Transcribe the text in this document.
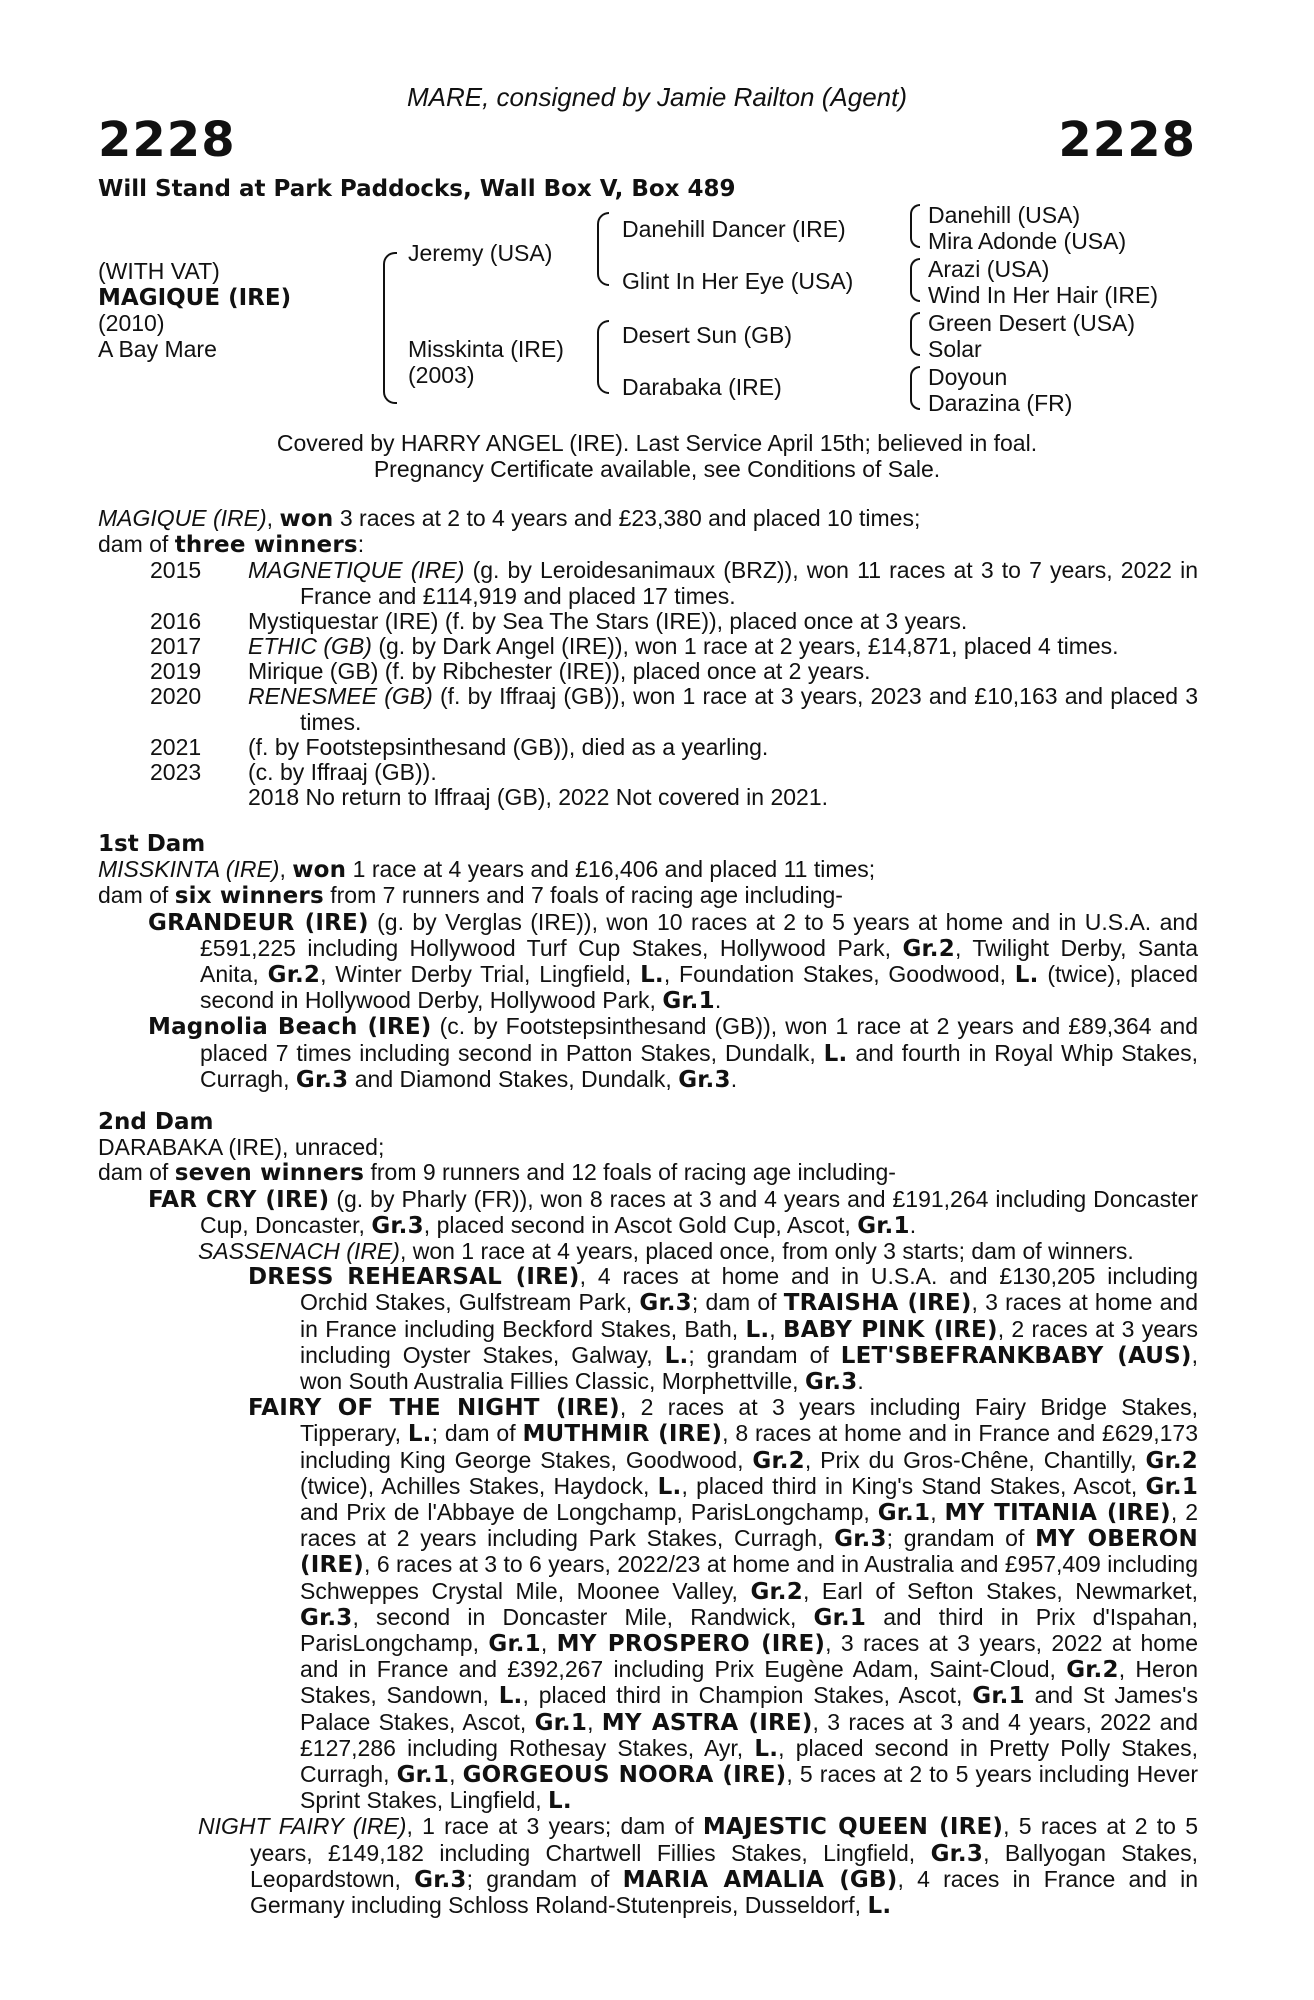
MARE, consigned by Jamie Railton (Agent)
2228	2228
Will Stand at Park Paddocks, Wall Box V, Box 489
(WITH VAT)
MAGIQUE (IRE)
(2010)
A Bay Mare
Jeremy (USA)
Misskinta (IRE)
(2003)
Danehill Dancer (IRE)
Glint In Her Eye (USA)
Desert Sun (GB)
Darabaka (IRE)
Danehill (USA)
Mira Adonde (USA)
Arazi (USA)
Wind In Her Hair (IRE)
Green Desert (USA)
Solar
Doyoun
Darazina (FR)
Covered by HARRY ANGEL (IRE). Last Service April 15th; believed in foal.
Pregnancy Certificate available, see Conditions of Sale.

MAGIQUE (IRE), won 3 races at 2 to 4 years and £23,380 and placed 10 times;

dam of three winners:

2015 MAGNETIQUE (IRE) (g. by Leroidesanimaux (BRZ)), won 11 races at 3 to 7 years, 2022 in France and £114,919 and placed 17 times.
2016 Mystiquestar (IRE) (f. by Sea The Stars (IRE)), placed once at 3 years.
2017 ETHIC (GB) (g. by Dark Angel (IRE)), won 1 race at 2 years, £14,871, placed 4 times.
2019 Mirique (GB) (f. by Ribchester (IRE)), placed once at 2 years.
2020 RENESMEE (GB) (f. by Iffraaj (GB)), won 1 race at 3 years, 2023 and £10,163 and placed 3 times.
2021 (f. by Footstepsinthesand (GB)), died as a yearling.
2023 (c. by Iffraaj (GB)).
2018 No return to Iffraaj (GB), 2022 Not covered in 2021.

1st Dam

MISSKINTA (IRE), won 1 race at 4 years and £16,406 and placed 11 times;

dam of six winners from 7 runners and 7 foals of racing age including-

GRANDEUR (IRE) (g. by Verglas (IRE)), won 10 races at 2 to 5 years at home and in U.S.A. and £591,225 including Hollywood Turf Cup Stakes, Hollywood Park, Gr.2, Twilight Derby, Santa Anita, Gr.2, Winter Derby Trial, Lingfield, L., Foundation Stakes, Goodwood, L. (twice), placed second in Hollywood Derby, Hollywood Park, Gr.1.

Magnolia Beach (IRE) (c. by Footstepsinthesand (GB)), won 1 race at 2 years and £89,364 and placed 7 times including second in Patton Stakes, Dundalk, L. and fourth in Royal Whip Stakes, Curragh, Gr.3 and Diamond Stakes, Dundalk, Gr.3.

2nd Dam

DARABAKA (IRE), unraced;

dam of seven winners from 9 runners and 12 foals of racing age including-

FAR CRY (IRE) (g. by Pharly (FR)), won 8 races at 3 and 4 years and £191,264 including Doncaster Cup, Doncaster, Gr.3, placed second in Ascot Gold Cup, Ascot, Gr.1.

SASSENACH (IRE), won 1 race at 4 years, placed once, from only 3 starts; dam of winners.

DRESS REHEARSAL (IRE), 4 races at home and in U.S.A. and £130,205 including Orchid Stakes, Gulfstream Park, Gr.3; dam of TRAISHA (IRE), 3 races at home and in France including Beckford Stakes, Bath, L., BABY PINK (IRE), 2 races at 3 years including Oyster Stakes, Galway, L.; grandam of LET'SBEFRANKBABY (AUS), won South Australia Fillies Classic, Morphettville, Gr.3.

FAIRY OF THE NIGHT (IRE), 2 races at 3 years including Fairy Bridge Stakes, Tipperary, L.; dam of MUTHMIR (IRE), 8 races at home and in France and £629,173 including King George Stakes, Goodwood, Gr.2, Prix du Gros-Chêne, Chantilly, Gr.2 (twice), Achilles Stakes, Haydock, L., placed third in King's Stand Stakes, Ascot, Gr.1 and Prix de l'Abbaye de Longchamp, ParisLongchamp, Gr.1, MY TITANIA (IRE), 2 races at 2 years including Park Stakes, Curragh, Gr.3; grandam of MY OBERON (IRE), 6 races at 3 to 6 years, 2022/23 at home and in Australia and £957,409 including Schweppes Crystal Mile, Moonee Valley, Gr.2, Earl of Sefton Stakes, Newmarket, Gr.3, second in Doncaster Mile, Randwick, Gr.1 and third in Prix d'Ispahan, ParisLongchamp, Gr.1, MY PROSPERO (IRE), 3 races at 3 years, 2022 at home and in France and £392,267 including Prix Eugène Adam, Saint-Cloud, Gr.2, Heron Stakes, Sandown, L., placed third in Champion Stakes, Ascot, Gr.1 and St James's Palace Stakes, Ascot, Gr.1, MY ASTRA (IRE), 3 races at 3 and 4 years, 2022 and £127,286 including Rothesay Stakes, Ayr, L., placed second in Pretty Polly Stakes, Curragh, Gr.1, GORGEOUS NOORA (IRE), 5 races at 2 to 5 years including Hever Sprint Stakes, Lingfield, L.

NIGHT FAIRY (IRE), 1 race at 3 years; dam of MAJESTIC QUEEN (IRE), 5 races at 2 to 5 years, £149,182 including Chartwell Fillies Stakes, Lingfield, Gr.3, Ballyogan Stakes, Leopardstown, Gr.3; grandam of MARIA AMALIA (GB), 4 races in France and in Germany including Schloss Roland-Stutenpreis, Dusseldorf, L.
